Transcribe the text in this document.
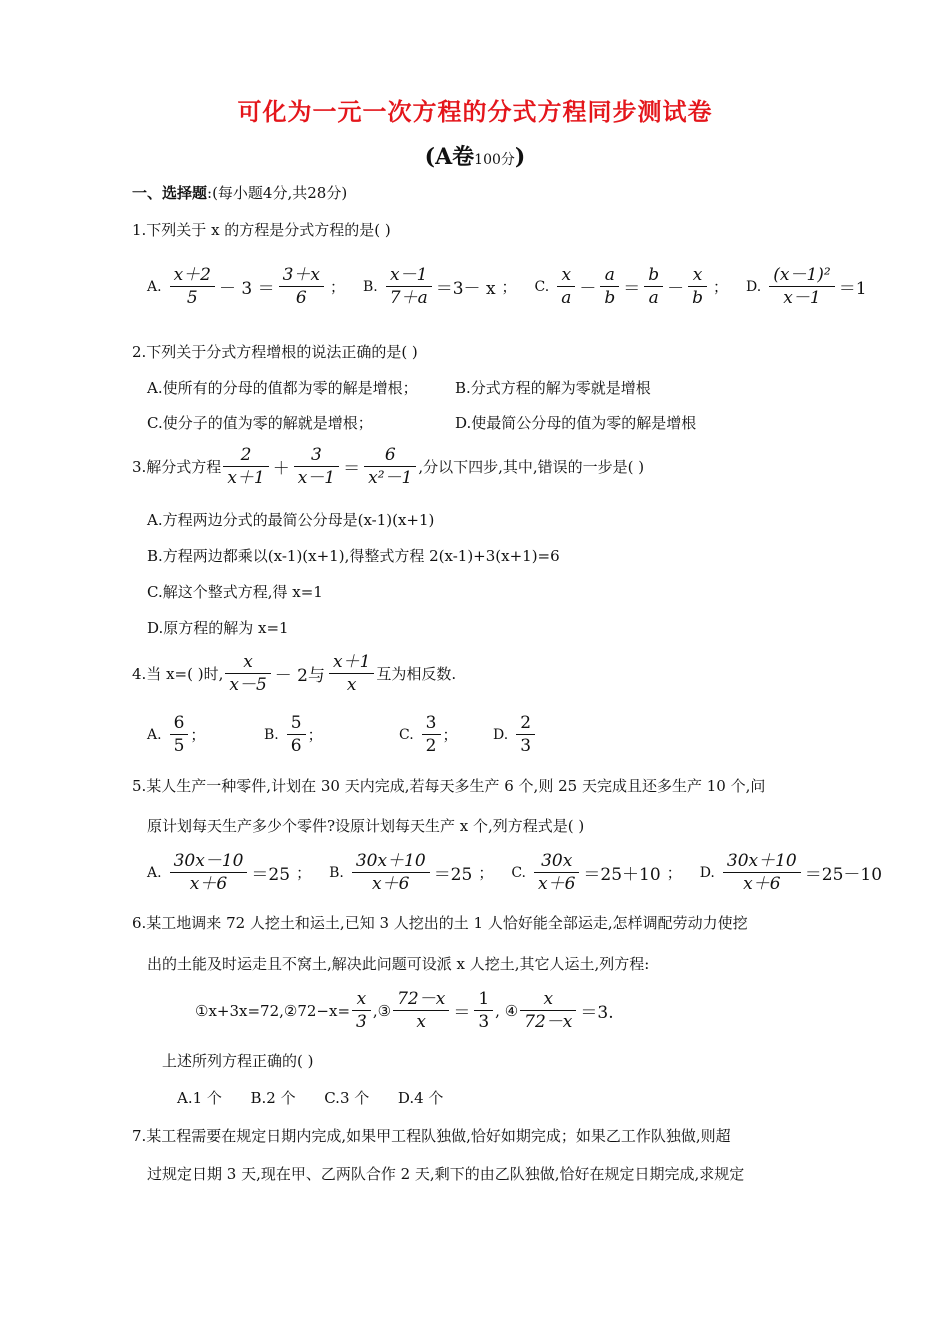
可化为一元一次方程的分式方程同步测试卷
(A卷100分)
一、选择题:(每小题4分,共28分)
1.下列关于 x 的方程是分式方程的是( )
A. $\frac{x+2}{5} - 3 = \frac{3+x}{6}$ ； B. $\frac{x-1}{7+a} =3- x$ ； C. $\frac{x}{a} - \frac{a}{b} = \frac{b}{a} - \frac{x}{b}$ ； D. $\frac{\text{(x－1)²}}{x-1} =1$
2.下列关于分式方程增根的说法正确的是( )
A.使所有的分母的值都为零的解是增根； B.分式方程的解为零就是增根
C.使分子的值为零的解就是增根；	D.使最简公分母的值为零的解是增根
3.解分式方程 $\frac{2}{x+1} + \frac{3}{x-1} = \frac{6}{\text{x²－1}}$ ,分以下四步,其中,错误的一步是( )
A.方程两边分式的最简公分母是(x-1)(x+1)
B.方程两边都乘以(x-1)(x+1),得整式方程 2(x-1)+3(x+1)=6
C.解这个整式方程,得 x=1
D.原方程的解为 x=1
4.当 x=( )时, $\frac{x}{x-5} - 2$与 $\frac{x+1}{x}$ 互为相反数.
A. $\frac{6}{5}$ ；	B. $\frac{5}{6}$ ；	C. $\frac{3}{2}$ ；	D. $\frac{2}{3}$
5.某人生产一种零件,计划在 30 天内完成,若每天多生产 6 个,则 25 天完成且还多生产 10 个,问
原计划每天生产多少个零件?设原计划每天生产 x 个,列方程式是( )
A. $\frac{30x-10}{x+6} =25$ ； B. $\frac{30x+10}{x+6} =25$ ； C. $\frac{30x}{x+6} =25+10$ ； D. $\frac{30x+10}{x+6} =25-10$
6.某工地调来 72 人挖土和运土,已知 3 人挖出的土 1 人恰好能全部运走,怎样调配劳动力使挖
出的土能及时运走且不窝土,解决此问题可设派 x 人挖土,其它人运土,列方程:
①x+3x=72,②72−x= $\frac{x}{3}$ ,③ $\frac{72-x}{x} = \frac{1}{3}$ , ④ $\frac{x}{72-x} =3$.
上述所列方程正确的( )
A.1 个      B.2 个      C.3 个      D.4 个
7.某工程需要在规定日期内完成,如果甲工程队独做,恰好如期完成；如果乙工作队独做,则超
过规定日期 3 天,现在甲、乙两队合作 2 天,剩下的由乙队独做,恰好在规定日期完成,求规定
